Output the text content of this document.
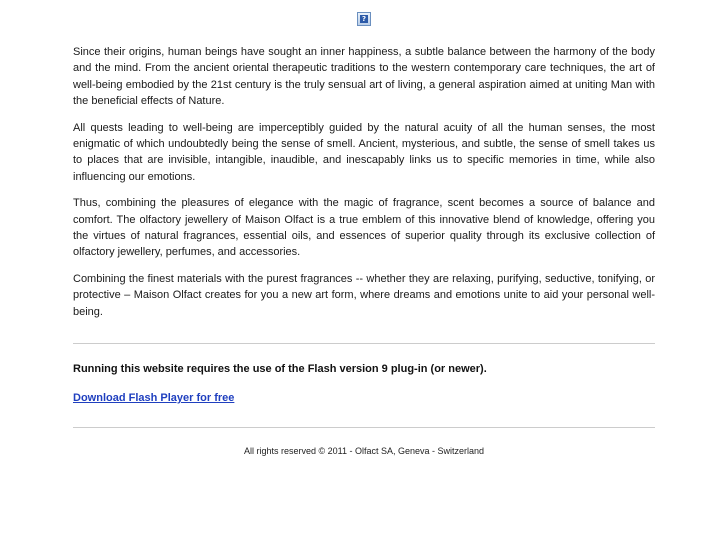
Since their origins, human beings have sought an inner happiness, a subtle balance between the harmony of the body and the mind. From the ancient oriental therapeutic traditions to the western contemporary care techniques, the art of well-being embodied by the 21st century is the truly sensual art of living, a general aspiration aimed at uniting Man with the beneficial effects of Nature.

All quests leading to well-being are imperceptibly guided by the natural acuity of all the human senses, the most enigmatic of which undoubtedly being the sense of smell. Ancient, mysterious, and subtle, the sense of smell takes us to places that are invisible, intangible, inaudible, and inescapably links us to specific memories in time, while also influencing our emotions.

Thus, combining the pleasures of elegance with the magic of fragrance, scent becomes a source of balance and comfort. The olfactory jewellery of Maison Olfact is a true emblem of this innovative blend of knowledge, offering you the virtues of natural fragrances, essential oils, and essences of superior quality through its exclusive collection of olfactory jewellery, perfumes, and accessories.

Combining the finest materials with the purest fragrances -- whether they are relaxing, purifying, seductive, tonifying, or protective – Maison Olfact creates for you a new art form, where dreams and emotions unite to aid your personal well-being.

Running this website requires the use of the Flash version 9 plug-in (or newer).
Download Flash Player for free
All rights reserved © 2011 - Olfact SA, Geneva - Switzerland
?
